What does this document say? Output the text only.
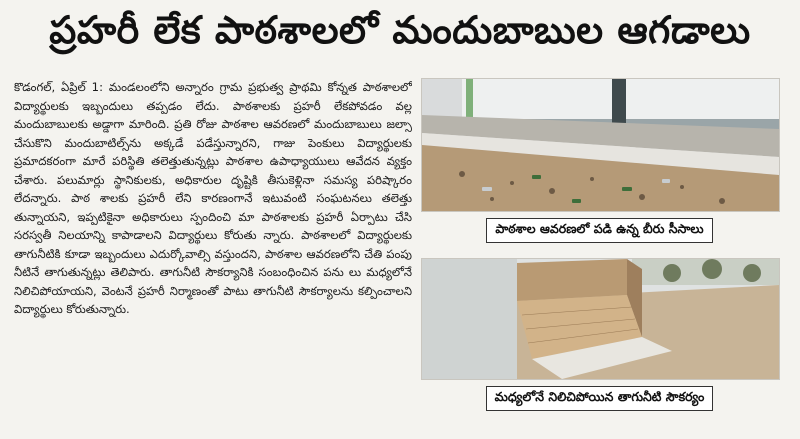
ప్రహరీ లేక పాఠశాలలో మందుబాబుల ఆగడాలు

కొడంగల్, ఏప్రిల్ 1: మండలంలోని అన్నారం గ్రామ ప్రభుత్వ ప్రాథమి కోన్నత పాఠశాలలో విద్యార్థులకు ఇబ్బందులు తప్పడం లేదు. పాఠశాలకు ప్రహరీ లేకపోవడం వల్ల మందుబాబులకు అడ్డాగా మారింది. ప్రతి రోజు పాఠశాల ఆవరణలో మందుబాబులు జల్సా చేసుకొని మందుబాటిల్స్‌ను అక్కడే పడేస్తున్నారని, గాజు పెంకులు విద్యార్థులకు ప్రమాదకరంగా మారే పరిస్థితి తలెత్తుతున్నట్లు పాఠశాల ఉపాధ్యాయులు ఆవేదన వ్యక్తం చేశారు. పలుమార్లు స్థానికులకు, అధికారుల దృష్టికి తీసుకెళ్లినా సమస్య పరిష్కారం లేదన్నారు. పాఠ శాలకు ప్రహరీ లేని కారణంగానే ఇటువంటి సంఘటనలు తలెత్తు తున్నాయని, ఇప్పటికైనా అధికారులు స్పందించి మా పాఠశాలకు ప్రహరీ ఏర్పాటు చేసి సరస్వతీ నిలయాన్ని కాపాడాలని విద్యార్థులు కోరుతు న్నారు. పాఠశాలలో విద్యార్థులకు తాగునీటికి కూడా ఇబ్బందులు ఎదుర్కోవాల్సి వస్తుందని, పాఠశాల ఆవరణలోని చేతి పంపు నీటినే తాగుతున్నట్లు తెలిపారు. తాగునీటి సౌకర్యానికి సంబంధించిన పను లు మధ్యలోనే నిలిచిపోయాయని, వెంటనే ప్రహరీ నిర్మాణంతో పాటు తాగునీటి సౌకర్యాలను కల్పించాలని విద్యార్థులు కోరుతున్నారు.

పాఠశాల ఆవరణలో పడి ఉన్న బీరు సీసాలు
మధ్యలోనే నిలిచిపోయిన తాగునీటి సౌకర్యం
